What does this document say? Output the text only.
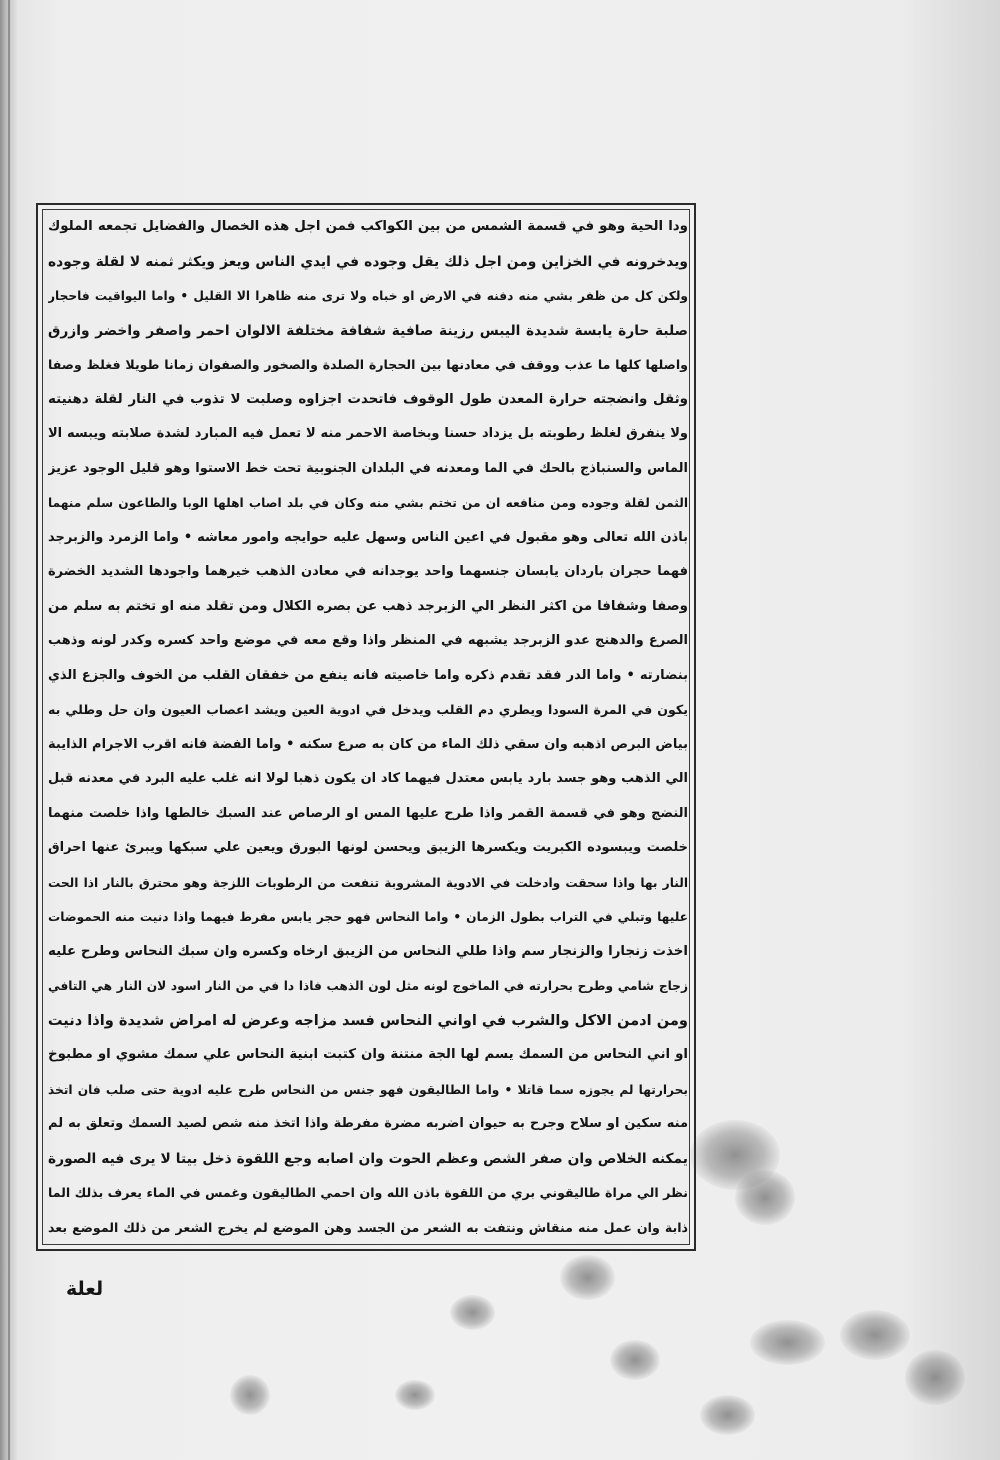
ودا الحية وهو في قسمة الشمس من بين الكواكب فمن اجل هذه الخصال والفضايل تجمعه الملوك
ويدخرونه في الخزاين ومن اجل ذلك يقل وجوده في ايدي الناس ويعز ويكثر ثمنه لا لقلة وجوده
ولكن كل من ظفر بشي منه دفنه في الارض او خباه ولا ترى منه ظاهرا الا القليل • واما اليواقيت فاحجار
صلبة حارة يابسة شديدة اليبس رزينة صافية شفافة مختلفة الالوان احمر واصفر واخضر وازرق
واصلها كلها ما عذب ووقف في معادنها بين الحجارة الصلدة والصخور والصفوان زمانا طويلا فغلظ وصفا
وثقل وانضجته حرارة المعدن طول الوقوف فاتحدت اجزاوه وصلبت لا تذوب في النار لقلة دهنيته
ولا ينفرق لغلظ رطوبته بل يزداد حسنا وبخاصة الاحمر منه لا تعمل فيه المبارد لشدة صلابته ويبسه الا
الماس والسنباذج بالحك في الما ومعدنه في البلدان الجنوبية تحت خط الاستوا وهو قليل الوجود عزيز
الثمن لقلة وجوده ومن منافعه ان من تختم بشي منه وكان في بلد اصاب اهلها الوبا والطاعون سلم منهما
باذن الله تعالى وهو مقبول في اعين الناس وسهل عليه حوايجه وامور معاشه • واما الزمرد والزبرجد
فهما حجران باردان يابسان جنسهما واحد يوجدانه في معادن الذهب خيرهما واجودها الشديد الخضرة
وصفا وشفافا من اكثر النظر الي الزبرجد ذهب عن بصره الكلال ومن تقلد منه او تختم به سلم من
الصرع والدهنج عدو الزبرجد يشبهه في المنظر واذا وقع معه في موضع واحد كسره وكدر لونه وذهب
بنضارته • واما الدر فقد تقدم ذكره واما خاصيته فانه ينفع من خفقان القلب من الخوف والجزع الذي
يكون في المرة السودا ويطري دم القلب ويدخل في ادوية العين ويشد اعصاب العيون وان حل وطلي به
بياض البرص اذهبه وان سقي ذلك الماء من كان به صرع سكنه • واما الفضة فانه اقرب الاجرام الذايبة
الي الذهب وهو جسد بارد يابس معتدل فيهما كاد ان يكون ذهبا لولا انه غلب عليه البرد في معدنه قبل
النضج وهو في قسمة القمر واذا طرح عليها المس او الرصاص عند السبك خالطها واذا خلصت منهما
خلصت ويبسوده الكبريت ويكسرها الزيبق ويحسن لونها البورق ويعين علي سبكها ويبرئ عنها احراق
النار بها واذا سحقت وادخلت في الادوية المشروبة تنفعت من الرطوبات اللزجة وهو محترق بالنار اذا الحت
عليها وتبلي في التراب بطول الزمان • واما النحاس فهو حجر يابس مفرط فيهما واذا دنيت منه الحموضات
اخذت زنجارا والزنجار سم واذا طلي النحاس من الزيبق ارخاه وكسره وان سبك النحاس وطرح عليه
زجاج شامي وطرح بحرارته في الماخوج لونه مثل لون الذهب فاذا دا في من النار اسود لان النار هي التافي
ومن ادمن الاكل والشرب في اواني النحاس فسد مزاجه وعرض له امراض شديدة واذا دنيت
او اني النحاس من السمك يسم لها الجة منتنة وان كتبت ابنية النحاس علي سمك مشوي او مطبوخ
بحرارتها لم يجوزه سما قاتلا • واما الطاليقون فهو جنس من النحاس طرح عليه ادوية حتى صلب فان اتخذ
منه سكين او سلاح وجرح به حيوان اضربه مضرة مفرطة واذا اتخذ منه شص لصيد السمك وتعلق به لم
يمكنه الخلاص وان صفر الشص وعظم الحوت وان اصابه وجع اللقوة ذخل بيتا لا يرى فيه الصورة
نظر الي مراة طاليقوني بري من اللقوة باذن الله وان احمي الطاليقون وغمس في الماء يعرف بذلك الما
ذابة وان عمل منه منقاش ونتفت به الشعر من الجسد وهن الموضع لم يخرج الشعر من ذلك الموضع بعد
لعلة
